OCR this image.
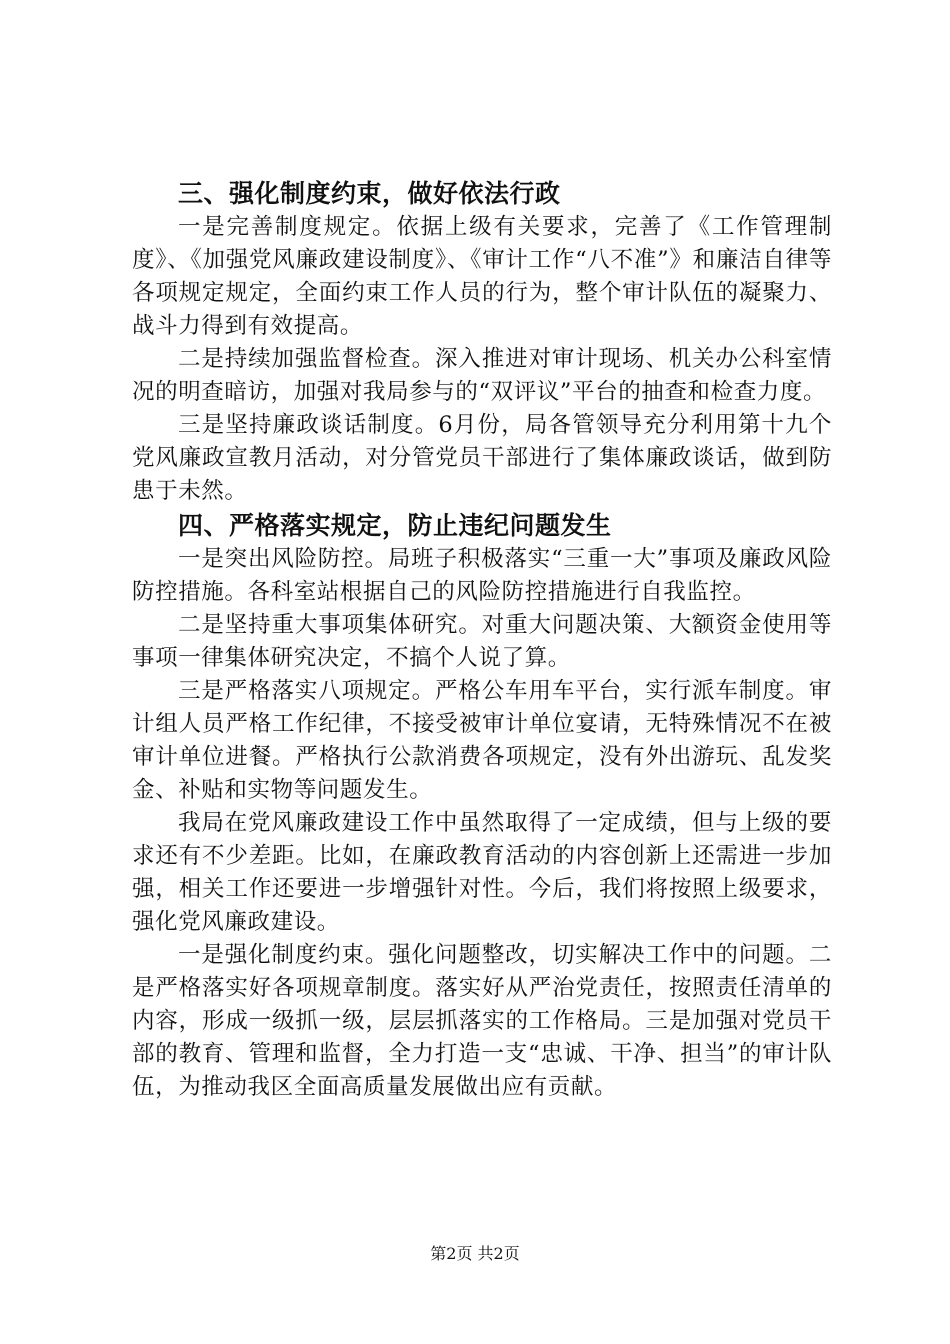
三、强化制度约束，做好依法行政

一是完善制度规定。依据上级有关要求，完善了《工作管理制度》、《加强党风廉政建设制度》、《审计工作“八不准”》和廉洁自律等各项规定规定，全面约束工作人员的行为，整个审计队伍的凝聚力、战斗力得到有效提高。

二是持续加强监督检查。深入推进对审计现场、机关办公科室情况的明查暗访，加强对我局参与的“双评议”平台的抽查和检查力度。

三是坚持廉政谈话制度。6月份，局各管领导充分利用第十九个党风廉政宣教月活动，对分管党员干部进行了集体廉政谈话，做到防患于未然。

四、严格落实规定，防止违纪问题发生

一是突出风险防控。局班子积极落实“三重一大”事项及廉政风险防控措施。各科室站根据自己的风险防控措施进行自我监控。

二是坚持重大事项集体研究。对重大问题决策、大额资金使用等事项一律集体研究决定，不搞个人说了算。

三是严格落实八项规定。严格公车用车平台，实行派车制度。审计组人员严格工作纪律，不接受被审计单位宴请，无特殊情况不在被审计单位进餐。严格执行公款消费各项规定，没有外出游玩、乱发奖金、补贴和实物等问题发生。

我局在党风廉政建设工作中虽然取得了一定成绩，但与上级的要求还有不少差距。比如，在廉政教育活动的内容创新上还需进一步加强，相关工作还要进一步增强针对性。今后，我们将按照上级要求，强化党风廉政建设。

一是强化制度约束。强化问题整改，切实解决工作中的问题。二是严格落实好各项规章制度。落实好从严治党责任，按照责任清单的内容，形成一级抓一级，层层抓落实的工作格局。三是加强对党员干部的教育、管理和监督，全力打造一支“忠诚、干净、担当”的审计队伍，为推动我区全面高质量发展做出应有贡献。

第2页 共2页
